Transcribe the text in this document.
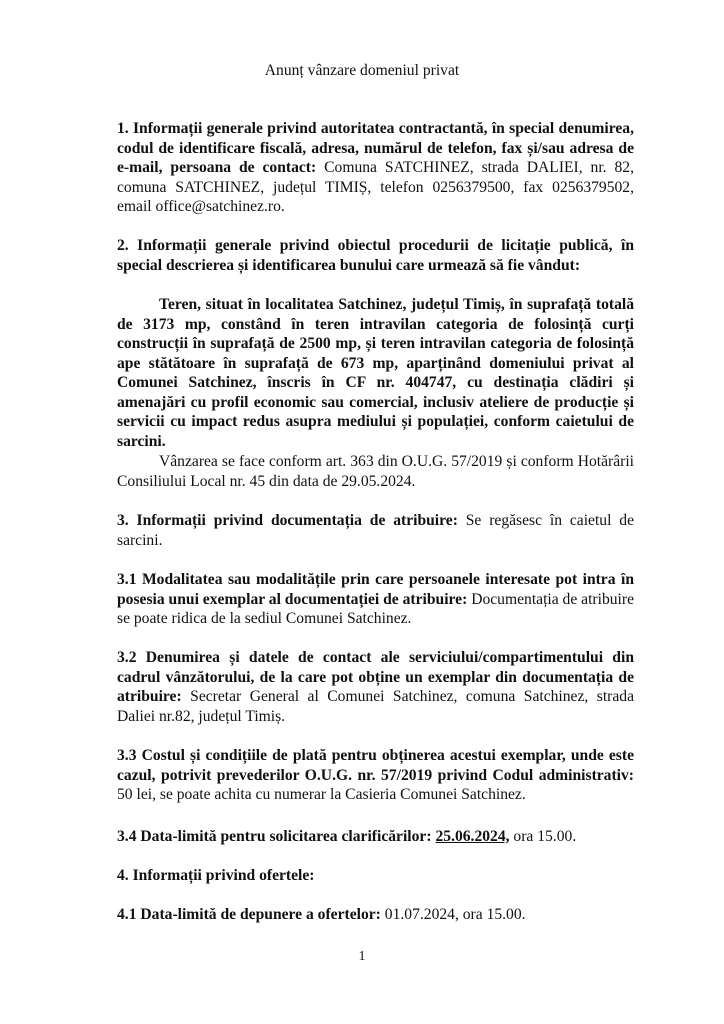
Anunț vânzare domeniul privat
1. Informații generale privind autoritatea contractantă, în special denumirea, codul de identificare fiscală, adresa, numărul de telefon, fax și/sau adresa de e-mail, persoana de contact: Comuna SATCHINEZ, strada DALIEI, nr. 82, comuna SATCHINEZ, județul TIMIȘ, telefon 0256379500, fax 0256379502, email office@satchinez.ro.
2. Informații generale privind obiectul procedurii de licitație publică, în special descrierea și identificarea bunului care urmează să fie vândut:
Teren, situat în localitatea Satchinez, județul Timiș, în suprafață totală de 3173 mp, constând în teren intravilan categoria de folosință curți construcții în suprafață de 2500 mp, și teren intravilan categoria de folosință ape stătătoare în suprafață de 673 mp, aparținând domeniului privat al Comunei Satchinez, înscris în CF nr. 404747, cu destinația clădiri și amenajări cu profil economic sau comercial, inclusiv ateliere de producție și servicii cu impact redus asupra mediului și populației, conform caietului de sarcini.
Vânzarea se face conform art. 363 din O.U.G. 57/2019 și conform Hotărârii Consiliului Local nr. 45 din data de 29.05.2024.
3. Informații privind documentația de atribuire: Se regăsesc în caietul de sarcini.
3.1 Modalitatea sau modalitățile prin care persoanele interesate pot intra în posesia unui exemplar al documentației de atribuire: Documentația de atribuire se poate ridica de la sediul Comunei Satchinez.
3.2 Denumirea și datele de contact ale serviciului/compartimentului din cadrul vânzătorului, de la care pot obține un exemplar din documentația de atribuire: Secretar General al Comunei Satchinez, comuna Satchinez, strada Daliei nr.82, județul Timiș.
3.3 Costul și condițiile de plată pentru obținerea acestui exemplar, unde este cazul, potrivit prevederilor O.U.G. nr. 57/2019 privind Codul administrativ: 50 lei, se poate achita cu numerar la Casieria Comunei Satchinez.
3.4 Data-limită pentru solicitarea clarificărilor: 25.06.2024, ora 15.00.
4. Informații privind ofertele:
4.1 Data-limită de depunere a ofertelor: 01.07.2024, ora 15.00.
1
